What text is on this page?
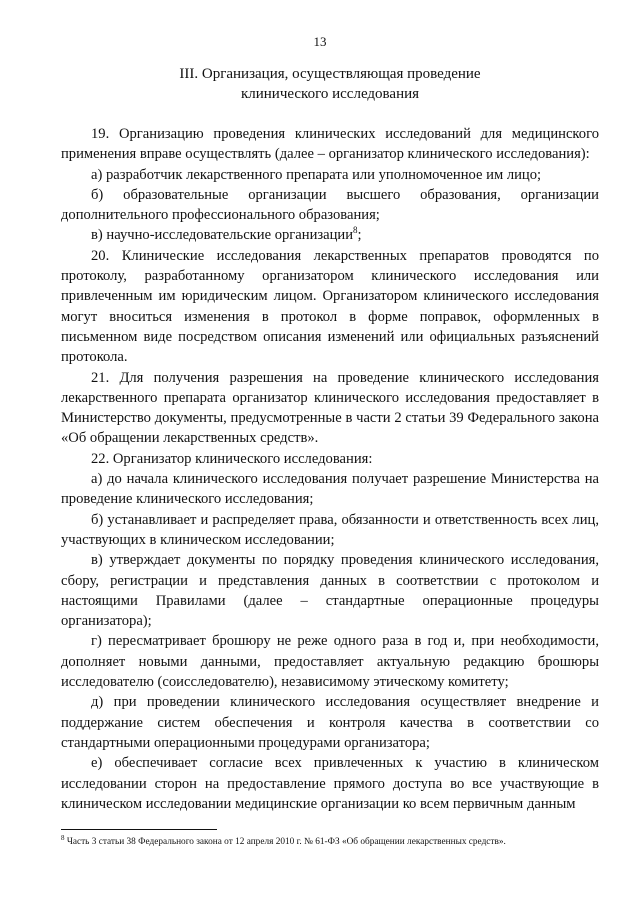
13
III. Организация, осуществляющая проведение
клинического исследования

19. Организацию проведения клинических исследований для медицинского применения вправе осуществлять (далее – организатор клинического исследования):

а) разработчик лекарственного препарата или уполномоченное им лицо;

б) образовательные организации высшего образования, организации дополнительного профессионального образования;

в) научно-исследовательские организации$^8$;

20. Клинические исследования лекарственных препаратов проводятся по протоколу, разработанному организатором клинического исследования или привлеченным им юридическим лицом. Организатором клинического исследования могут вноситься изменения в протокол в форме поправок, оформленных в письменном виде посредством описания изменений или официальных разъяснений протокола.

21. Для получения разрешения на проведение клинического исследования лекарственного препарата организатор клинического исследования предоставляет в Министерство документы, предусмотренные в части 2 статьи 39 Федерального закона «Об обращении лекарственных средств».

22. Организатор клинического исследования:

а) до начала клинического исследования получает разрешение Министерства на проведение клинического исследования;

б) устанавливает и распределяет права, обязанности и ответственность всех лиц, участвующих в клиническом исследовании;

в) утверждает документы по порядку проведения клинического исследования, сбору, регистрации и представления данных в соответствии с протоколом и настоящими Правилами (далее – стандартные операционные процедуры организатора);

г) пересматривает брошюру не реже одного раза в год и, при необходимости, дополняет новыми данными, предоставляет актуальную редакцию брошюры исследователю (соисследователю), независимому этическому комитету;

д) при проведении клинического исследования осуществляет внедрение и поддержание систем обеспечения и контроля качества в соответствии со стандартными операционными процедурами организатора;

е) обеспечивает согласие всех привлеченных к участию в клиническом исследовании сторон на предоставление прямого доступа во все участвующие в клиническом исследовании медицинские организации ко всем первичным данным

$^8$ Часть 3 статьи 38 Федерального закона от 12 апреля 2010 г. № 61-ФЗ «Об обращении лекарственных средств».
